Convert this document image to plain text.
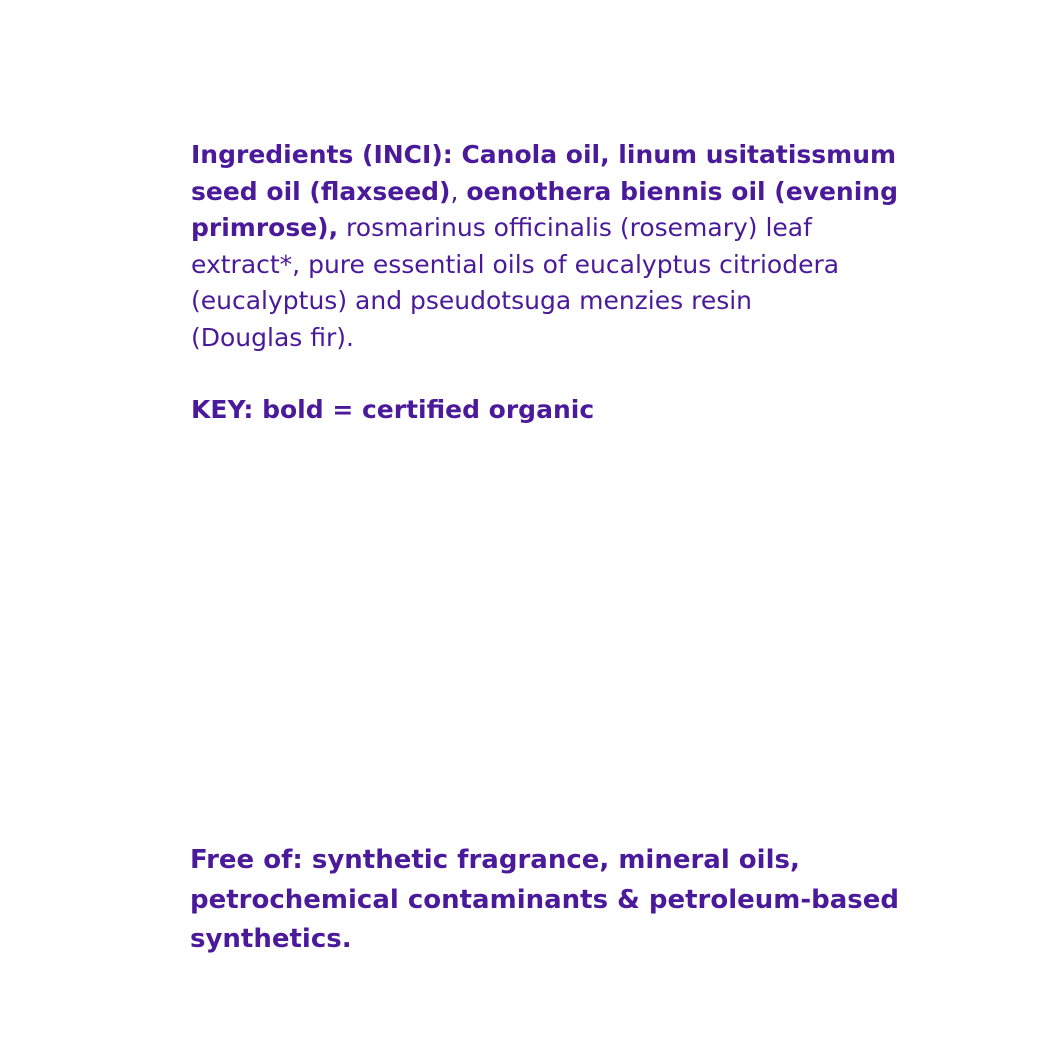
Ingredients (INCI): Canola oil, linum usitatissmum
seed oil (flaxseed), oenothera biennis oil (evening
primrose), rosmarinus officinalis (rosemary) leaf
extract*, pure essential oils of eucalyptus citriodera
(eucalyptus) and pseudotsuga menzies resin
(Douglas fir).
KEY: bold = certified organic
Free of: synthetic fragrance, mineral oils,
petrochemical contaminants & petroleum-based
synthetics.
